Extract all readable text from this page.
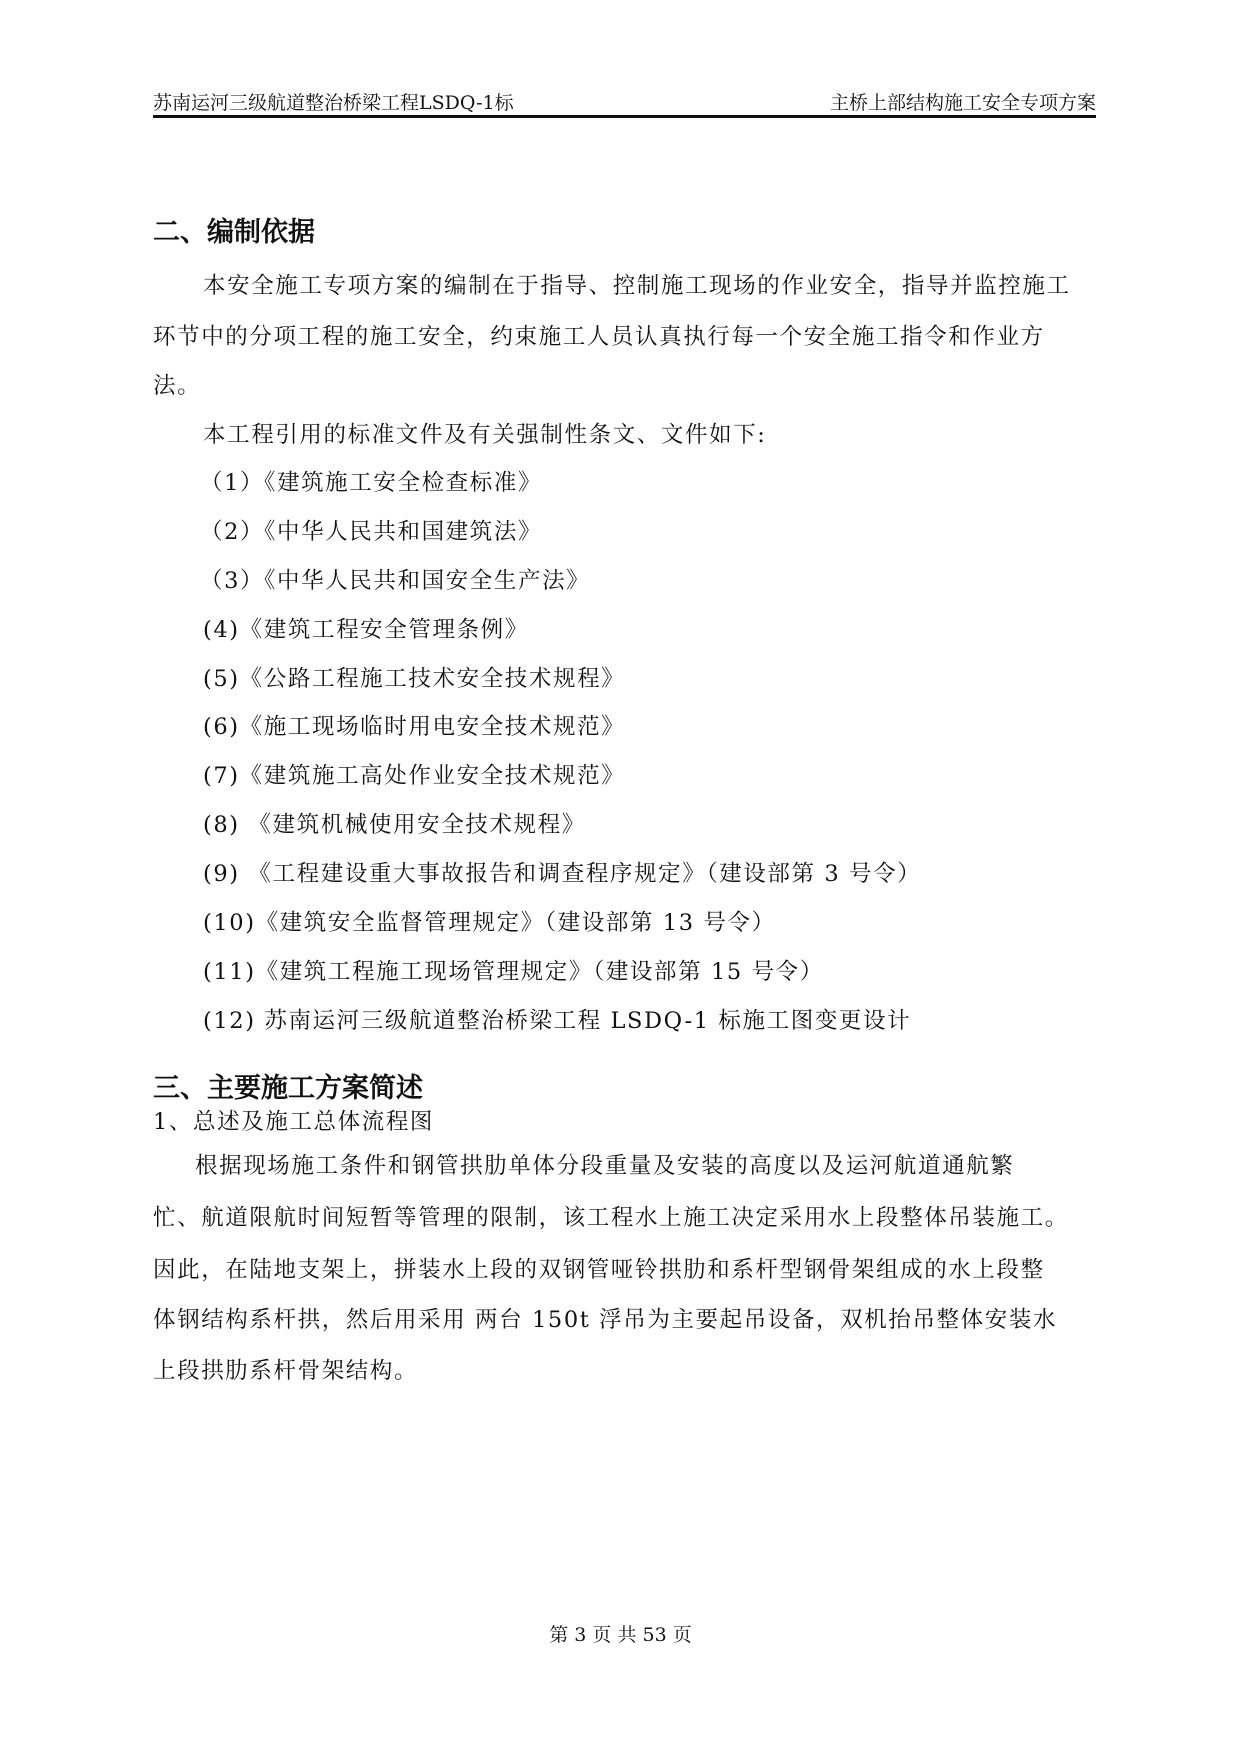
苏南运河三级航道整治桥梁工程LSDQ-1标	主桥上部结构施工安全专项方案
二、编制依据
本安全施工专项方案的编制在于指导、控制施工现场的作业安全，指导并监控施工
环节中的分项工程的施工安全，约束施工人员认真执行每一个安全施工指令和作业方
法。
本工程引用的标准文件及有关强制性条文、文件如下:
（1）《建筑施工安全检查标准》
（2）《中华人民共和国建筑法》
（3）《中华人民共和国安全生产法》
(4)《建筑工程安全管理条例》
(5)《公路工程施工技术安全技术规程》
(6)《施工现场临时用电安全技术规范》
(7)《建筑施工高处作业安全技术规范》
(8) 《建筑机械使用安全技术规程》
(9) 《工程建设重大事故报告和调查程序规定》（建设部第 3 号令）
(10)《建筑安全监督管理规定》（建设部第 13 号令）
(11)《建筑工程施工现场管理规定》（建设部第 15 号令）
(12) 苏南运河三级航道整治桥梁工程 LSDQ-1 标施工图变更设计
三、主要施工方案简述
1、总述及施工总体流程图
根据现场施工条件和钢管拱肋单体分段重量及安装的高度以及运河航道通航繁
忙、航道限航时间短暂等管理的限制，该工程水上施工决定采用水上段整体吊装施工。
因此，在陆地支架上，拼装水上段的双钢管哑铃拱肋和系杆型钢骨架组成的水上段整
体钢结构系杆拱，然后用采用 两台 150t 浮吊为主要起吊设备，双机抬吊整体安装水
上段拱肋系杆骨架结构。
第 3 页 共 53 页
